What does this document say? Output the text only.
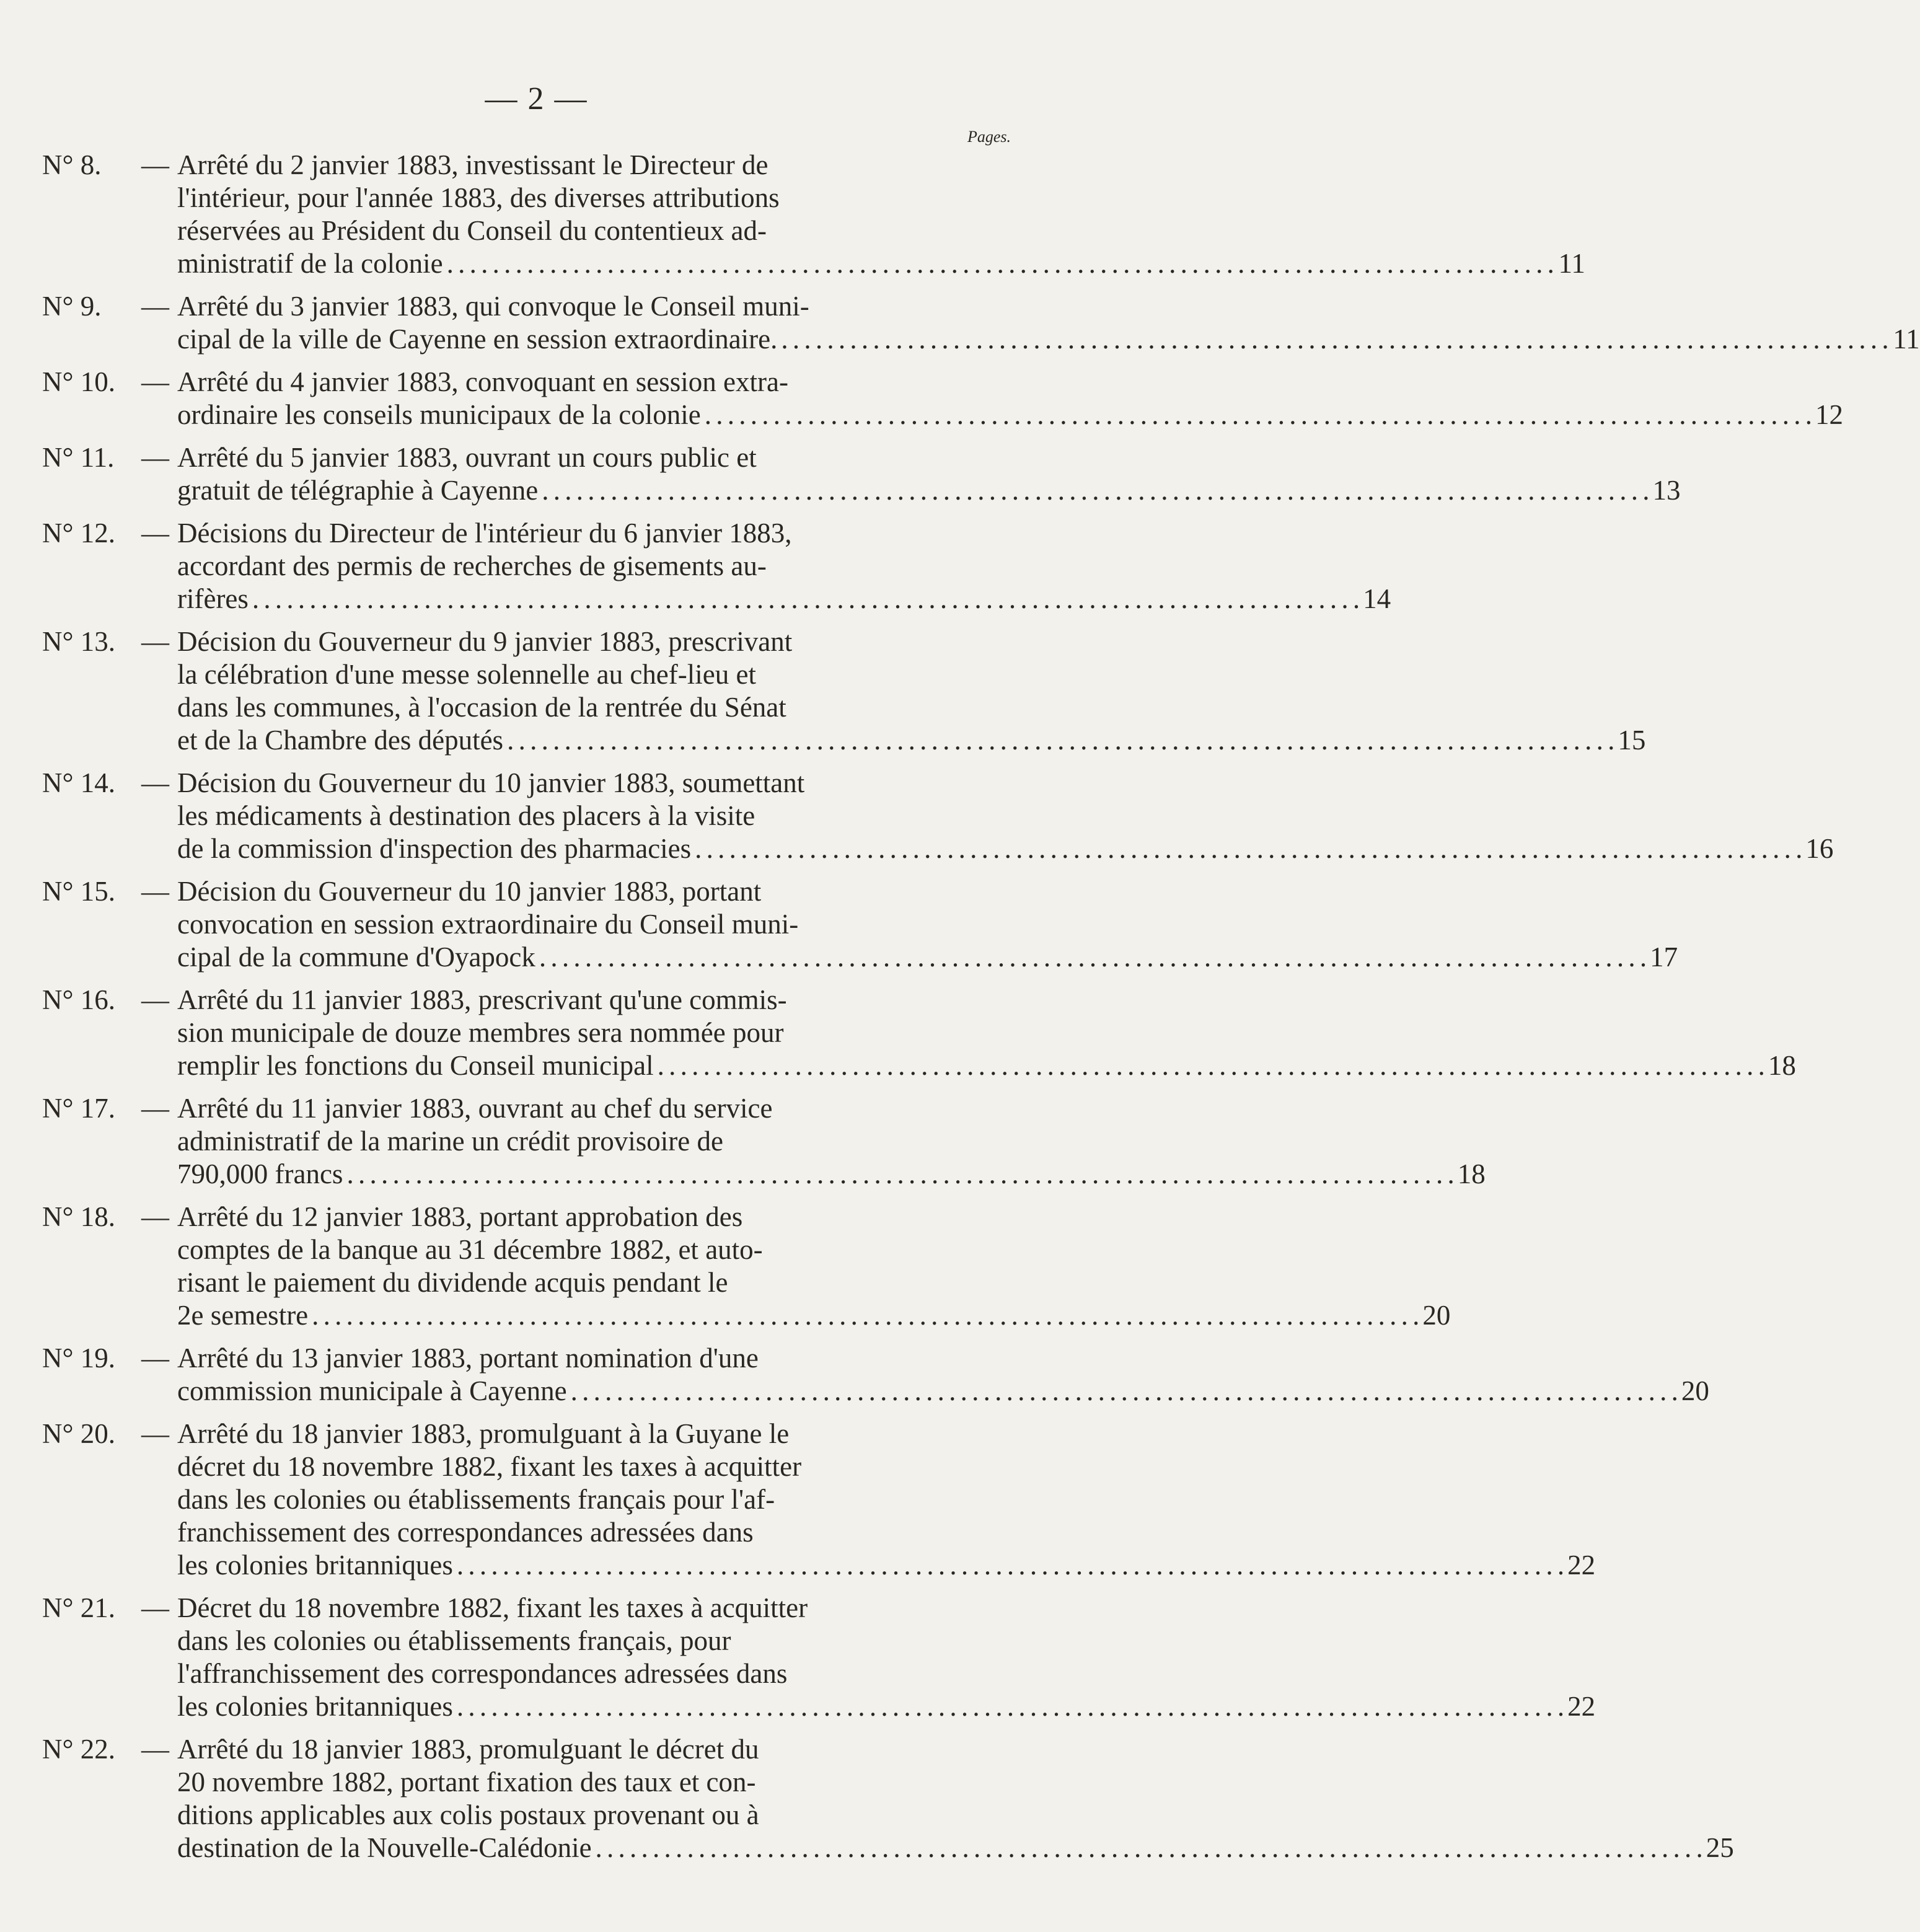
— 2 —
Pages.
N° 8.	— Arrêté du 2 janvier 1883, investissant le Directeur de
l'intérieur, pour l'année 1883, des diverses attributions
réservées au Président du Conseil du contentieux ad-
ministratif de la colonie . . .	11
N° 9.	— Arrêté du 3 janvier 1883, qui convoque le Conseil muni-
cipal de la ville de Cayenne en session extraordinaire. . . .	11
N° 10. — Arrêté du 4 janvier 1883, convoquant en session extra-
ordinaire les conseils municipaux de la colonie . . .	12
N° 11. — Arrêté du 5 janvier 1883, ouvrant un cours public et
gratuit de télégraphie à Cayenne . . .	13
N° 12. — Décisions du Directeur de l'intérieur du 6 janvier 1883,
accordant des permis de recherches de gisements au-
rifères . . .	14
N° 13. — Décision du Gouverneur du 9 janvier 1883, prescrivant
la célébration d'une messe solennelle au chef-lieu et
dans les communes, à l'occasion de la rentrée du Sénat
et de la Chambre des députés . . .	15
N° 14. — Décision du Gouverneur du 10 janvier 1883, soumettant
les médicaments à destination des placers à la visite
de la commission d'inspection des pharmacies . . .	16
N° 15. — Décision du Gouverneur du 10 janvier 1883, portant
convocation en session extraordinaire du Conseil muni-
cipal de la commune d'Oyapock . . .	17
N° 16. — Arrêté du 11 janvier 1883, prescrivant qu'une commis-
sion municipale de douze membres sera nommée pour
remplir les fonctions du Conseil municipal . . .	18
N° 17. — Arrêté du 11 janvier 1883, ouvrant au chef du service
administratif de la marine un crédit provisoire de
790,000 francs . . .	18
N° 18. — Arrêté du 12 janvier 1883, portant approbation des
comptes de la banque au 31 décembre 1882, et auto-
risant le paiement du dividende acquis pendant le
2e semestre . . .	20
N° 19. — Arrêté du 13 janvier 1883, portant nomination d'une
commission municipale à Cayenne . . .	20
N° 20. — Arrêté du 18 janvier 1883, promulguant à la Guyane le
décret du 18 novembre 1882, fixant les taxes à acquitter
dans les colonies ou établissements français pour l'af-
franchissement des correspondances adressées dans
les colonies britanniques . . .	22
N° 21. — Décret du 18 novembre 1882, fixant les taxes à acquitter
dans les colonies ou établissements français, pour
l'affranchissement des correspondances adressées dans
les colonies britanniques . . .	22
N° 22. — Arrêté du 18 janvier 1883, promulguant le décret du
20 novembre 1882, portant fixation des taux et con-
ditions applicables aux colis postaux provenant ou à
destination de la Nouvelle-Calédonie . . .	25
